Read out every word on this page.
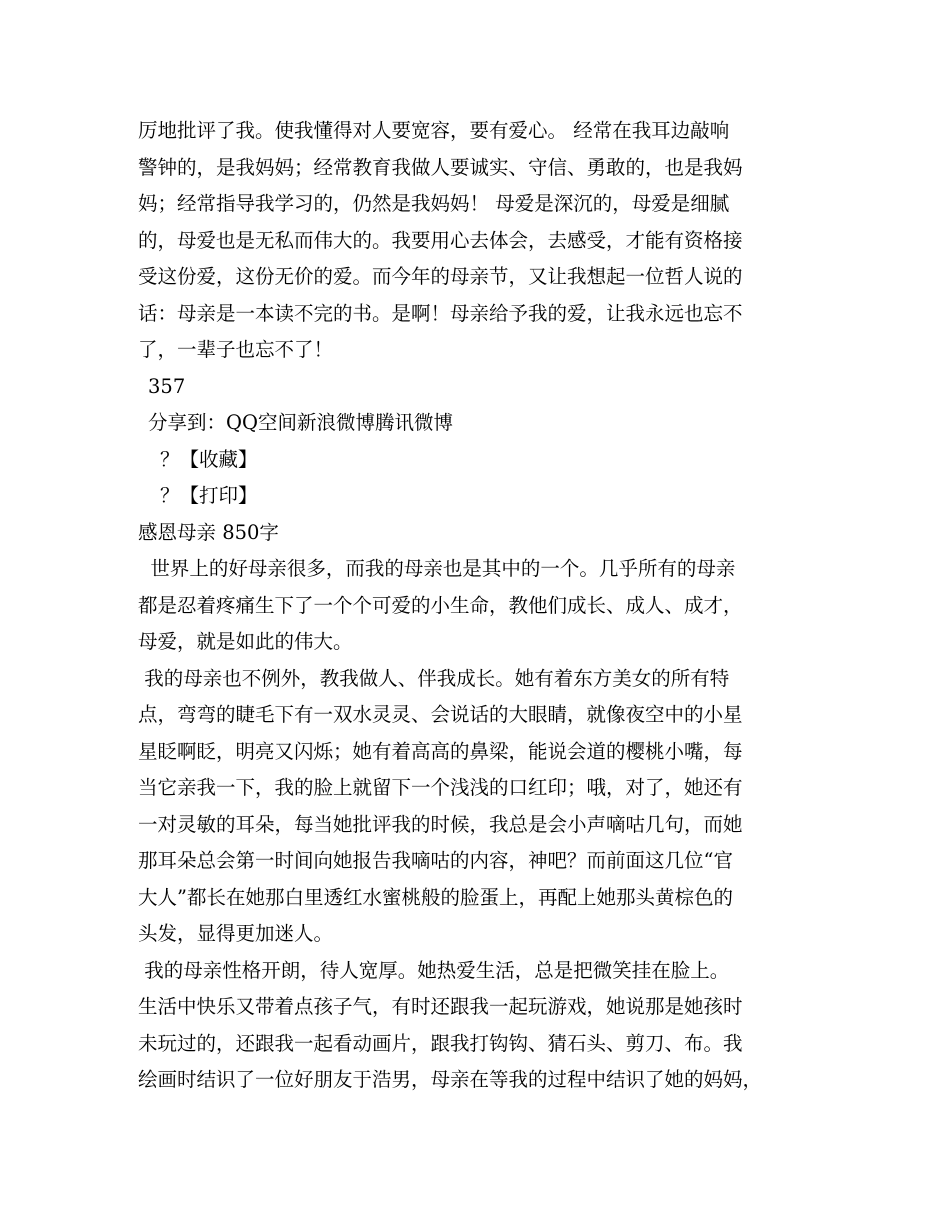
厉地批评了我。使我懂得对人要宽容，要有爱心。 经常在我耳边敲响
警钟的，是我妈妈；经常教育我做人要诚实、守信、勇敢的，也是我妈
妈；经常指导我学习的，仍然是我妈妈！ 母爱是深沉的，母爱是细腻
的，母爱也是无私而伟大的。我要用心去体会，去感受，才能有资格接
受这份爱，这份无价的爱。而今年的母亲节，又让我想起一位哲人说的
话：母亲是一本读不完的书。是啊！母亲给予我的爱，让我永远也忘不
了，一辈子也忘不了！
357
分享到：QQ空间新浪微博腾讯微博
？【收藏】
？【打印】
感恩母亲 850字
世界上的好母亲很多，而我的母亲也是其中的一个。几乎所有的母亲
都是忍着疼痛生下了一个个可爱的小生命，教他们成长、成人、成才，
母爱，就是如此的伟大。
我的母亲也不例外，教我做人、伴我成长。她有着东方美女的所有特
点，弯弯的睫毛下有一双水灵灵、会说话的大眼睛，就像夜空中的小星
星眨啊眨，明亮又闪烁；她有着高高的鼻梁，能说会道的樱桃小嘴，每
当它亲我一下，我的脸上就留下一个浅浅的口红印；哦，对了，她还有
一对灵敏的耳朵，每当她批评我的时候，我总是会小声嘀咕几句，而她
那耳朵总会第一时间向她报告我嘀咕的内容，神吧？而前面这几位“官
大人”都长在她那白里透红水蜜桃般的脸蛋上，再配上她那头黄棕色的
头发，显得更加迷人。
我的母亲性格开朗，待人宽厚。她热爱生活，总是把微笑挂在脸上。
生活中快乐又带着点孩子气，有时还跟我一起玩游戏，她说那是她孩时
未玩过的，还跟我一起看动画片，跟我打钩钩、猜石头、剪刀、布。我
绘画时结识了一位好朋友于浩男，母亲在等我的过程中结识了她的妈妈，
